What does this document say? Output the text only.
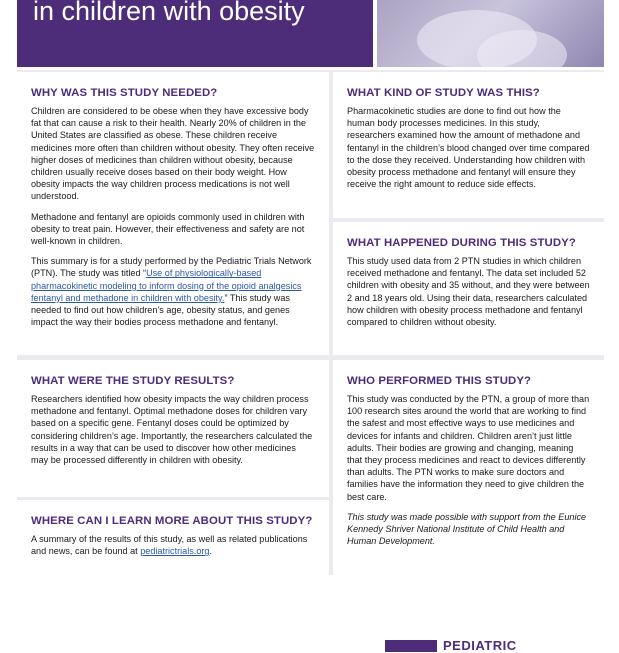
in children with obesity
WHY WAS THIS STUDY NEEDED?

Children are considered to be obese when they have excessive body fat that can cause a risk to their health. Nearly 20% of children in the United States are classified as obese. These children receive medicines more often than children without obesity. They often receive higher doses of medicines than children without obesity, because children usually receive doses based on their body weight. How obesity impacts the way children process medications is not well understood.

Methadone and fentanyl are opioids commonly used in children with obesity to treat pain. However, their effectiveness and safety are not well-known in children.

This summary is for a study performed by the Pediatric Trials Network (PTN). The study was titled “Use of physiologically-based pharmacokinetic modeling to inform dosing of the opioid analgesics fentanyl and methadone in children with obesity.” This study was needed to find out how children’s age, obesity status, and genes impact the way their bodies process methadone and fentanyl.

WHAT WERE THE STUDY RESULTS?

Researchers identified how obesity impacts the way children process methadone and fentanyl. Optimal methadone doses for children vary based on a specific gene. Fentanyl doses could be optimized by considering children’s age. Importantly, the researchers calculated the results in a way that can be used to discover how other medicines may be processed differently in children with obesity.

WHERE CAN I LEARN MORE ABOUT THIS STUDY?

A summary of the results of this study, as well as related publications and news, can be found at pediatrictrials.org.

WHAT KIND OF STUDY WAS THIS?

Pharmacokinetic studies are done to find out how the human body processes medicines. In this study, researchers examined how the amount of methadone and fentanyl in the children’s blood changed over time compared to the dose they received. Understanding how children with obesity process methadone and fentanyl will ensure they receive the right amount to reduce side effects.

WHAT HAPPENED DURING THIS STUDY?

This study used data from 2 PTN studies in which children received methadone and fentanyl. The data set included 52 children with obesity and 35 without, and they were between 2 and 18 years old. Using their data, researchers calculated how children with obesity process methadone and fentanyl compared to children without obesity.

WHO PERFORMED THIS STUDY?

This study was conducted by the PTN, a group of more than 100 research sites around the world that are working to find the safest and most effective ways to use medicines and devices for infants and children. Children aren’t just little adults. Their bodies are growing and changing, meaning that they process medicines and react to devices differently than adults. The PTN works to make sure doctors and families have the information they need to give children the best care.

This study was made possible with support from the Eunice Kennedy Shriver National Institute of Child Health and Human Development.

PEDIATRIC
